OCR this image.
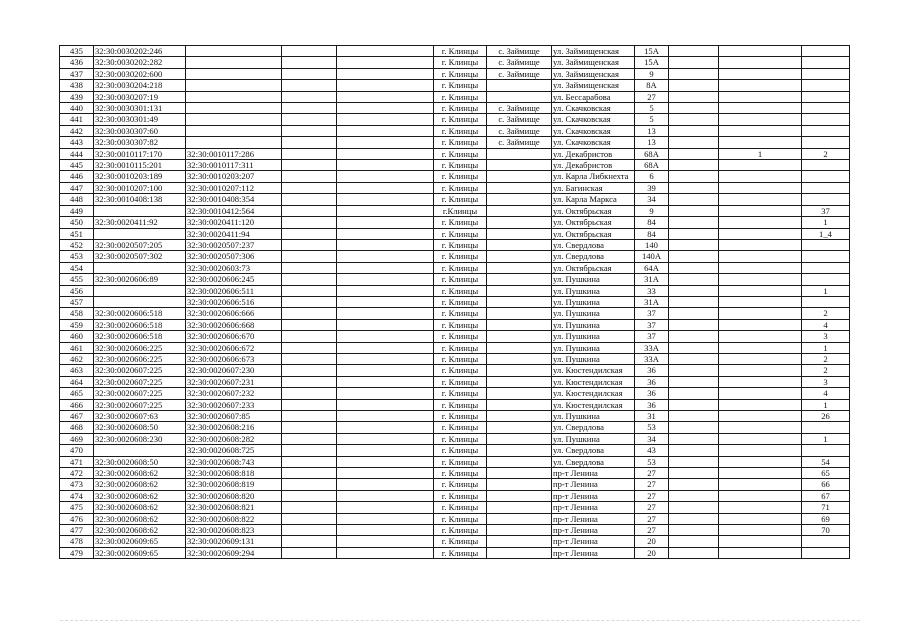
435	32:30:0030202:246				г. Клинцы	с. Займище	ул. Займищенская	15А			
436	32:30:0030202:282				г. Клинцы	с. Займище	ул. Займищенская	15А			
437	32:30:0030202:600				г. Клинцы	с. Займище	ул. Займищенская	9			
438	32:30:0030204:218				г. Клинцы		ул. Займищенская	8А			
439	32:30:0030207:19				г. Клинцы		ул. Бессарабова	27			
440	32:30:0030301:131				г. Клинцы	с. Займище	ул. Скачковская	5			
441	32:30:0030301:49				г. Клинцы	с. Займище	ул. Скачковская	5			
442	32:30:0030307:60				г. Клинцы	с. Займище	ул. Скачковская	13			
443	32:30:0030307:82				г. Клинцы	с. Займище	ул. Скачковская	13			
444	32:30:0010117:170	32:30:0010117:286			г. Клинцы		ул. Декабристов	68А		1	2
445	32:30:0010115:201	32:30:0010117:311			г. Клинцы		ул. Декабристов	68А			
446	32:30:0010203:189	32:30:0010203:207			г. Клинцы		ул. Карла Либкнехта	6			
447	32:30:0010207:100	32:30:0010207:112			г. Клинцы		ул. Багинская	39			
448	32:30:0010408:138	32:30:0010408:354			г. Клинцы		ул. Карла Маркса	34			
449		32:30:0010412:564			г.Клинцы		ул. Октябрьская	9			37
450	32:30:0020411:92	32:30:0020411:120			г. Клинцы		ул. Октябрьская	84			1
451		32:30:0020411:94			г. Клинцы		ул. Октябрьская	84			1_4
452	32:30:0020507:205	32:30:0020507:237			г. Клинцы		ул. Свердлова	140			
453	32:30:0020507:302	32:30:0020507:306			г. Клинцы		ул. Свердлова	140А			
454		32:30:0020603:73			г. Клинцы		ул. Октябрьская	64А			
455	32:30:0020606:89	32:30:0020606:245			г. Клинцы		ул. Пушкина	31А			
456		32:30:0020606:511			г. Клинцы		ул. Пушкина	33			1
457		32:30:0020606:516			г. Клинцы		ул. Пушкина	31А			
458	32:30:0020606:518	32:30:0020606:666			г. Клинцы		ул. Пушкина	37			2
459	32:30:0020606:518	32:30:0020606:668			г. Клинцы		ул. Пушкина	37			4
460	32:30:0020606:518	32:30:0020606:670			г. Клинцы		ул. Пушкина	37			3
461	32:30:0020606:225	32:30:0020606:672			г. Клинцы		ул. Пушкина	33А			1
462	32:30:0020606:225	32:30:0020606:673			г. Клинцы		ул. Пушкина	33А			2
463	32:30:0020607:225	32:30:0020607:230			г. Клинцы		ул. Кюстендилская	36			2
464	32:30:0020607:225	32:30:0020607:231			г. Клинцы		ул. Кюстендилская	36			3
465	32:30:0020607:225	32:30:0020607:232			г. Клинцы		ул. Кюстендилская	36			4
466	32:30:0020607:225	32:30:0020607:233			г. Клинцы		ул. Кюстендилская	36			1
467	32:30:0020607:63	32:30:0020607:85			г. Клинцы		ул. Пушкина	31			26
468	32:30:0020608:50	32:30:0020608:216			г. Клинцы		ул. Свердлова	53			
469	32:30:0020608:230	32:30:0020608:282			г. Клинцы		ул. Пушкина	34			1
470		32:30:0020608:725			г. Клинцы		ул. Свердлова	43			
471	32:30:0020608:50	32:30:0020608:743			г. Клинцы		ул. Свердлова	53			54
472	32:30:0020608:62	32:30:0020608:818			г. Клинцы		пр-т Ленина	27			65
473	32:30:0020608:62	32:30:0020608:819			г. Клинцы		пр-т Ленина	27			66
474	32:30:0020608:62	32:30:0020608:820			г. Клинцы		пр-т Ленина	27			67
475	32:30:0020608:62	32:30:0020608:821			г. Клинцы		пр-т Ленина	27			71
476	32:30:0020608:62	32:30:0020608:822			г. Клинцы		пр-т Ленина	27			69
477	32:30:0020608:62	32:30:0020608:823			г. Клинцы		пр-т Ленина	27			70
478	32:30:0020609:65	32:30:0020609:131			г. Клинцы		пр-т Ленина	20			
479	32:30:0020609:65	32:30:0020609:294			г. Клинцы		пр-т Ленина	20			
